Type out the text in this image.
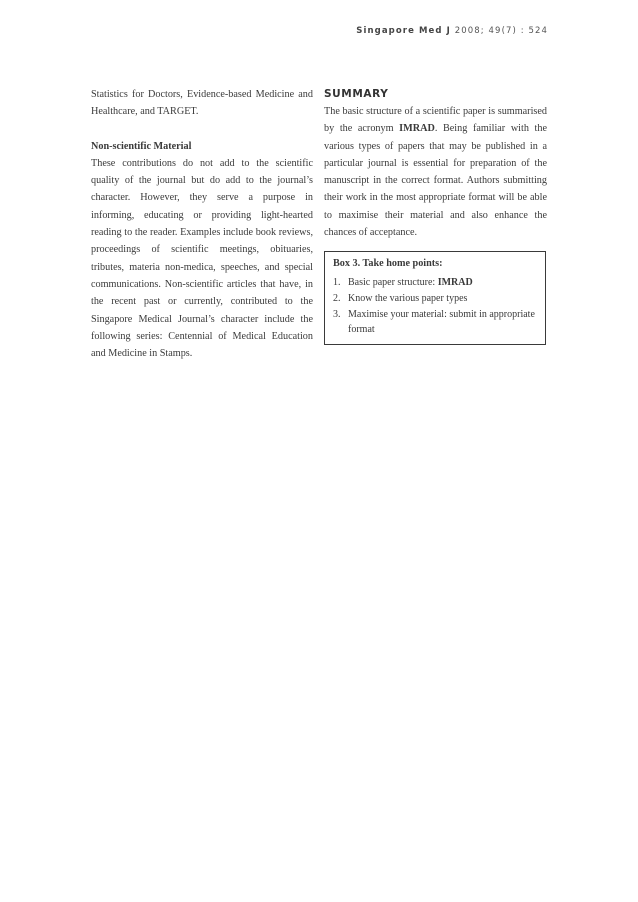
Singapore Med J 2008; 49(7) : 524

Statistics for Doctors, Evidence-based Medicine and Healthcare, and TARGET.

Non-scientific Material

These contributions do not add to the scientific quality of the journal but do add to the journal’s character. However, they serve a purpose in informing, educating or providing light-hearted reading to the reader. Examples include book reviews, proceedings of scientific meetings, obituaries, tributes, materia non-medica, speeches, and special communications. Non-scientific articles that have, in the recent past or currently, contributed to the Singapore Medical Journal’s character include the following series: Centennial of Medical Education and Medicine in Stamps.

SUMMARY

The basic structure of a scientific paper is summarised by the acronym IMRAD. Being familiar with the various types of papers that may be published in a particular journal is essential for preparation of the manuscript in the correct format. Authors submitting their work in the most appropriate format will be able to maximise their material and also enhance the chances of acceptance.

Box 3. Take home points:

1. Basic paper structure: IMRAD
2. Know the various paper types
3. Maximise your material: submit in appropriate format
